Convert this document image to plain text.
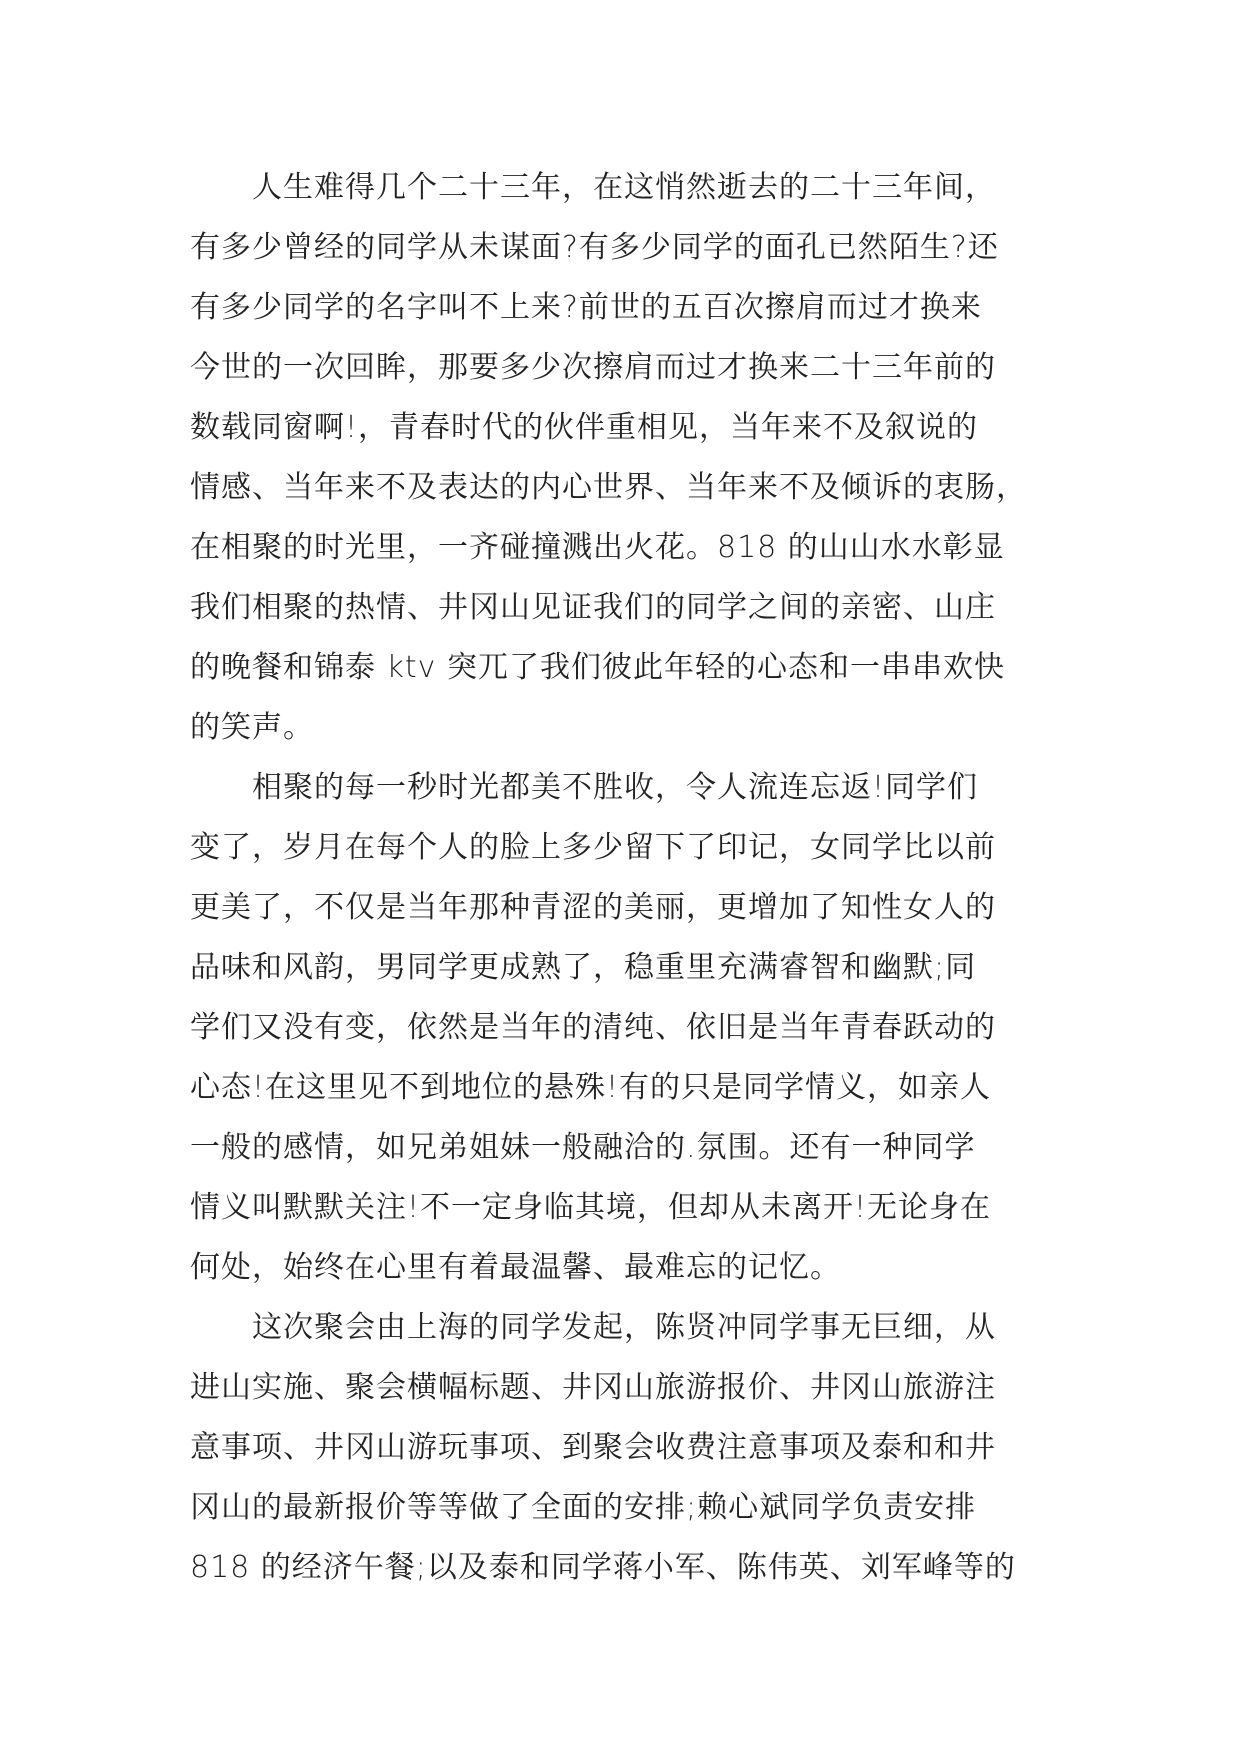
人生难得几个二十三年，在这悄然逝去的二十三年间，
有多少曾经的同学从未谋面?有多少同学的面孔已然陌生?还
有多少同学的名字叫不上来?前世的五百次擦肩而过才换来
今世的一次回眸，那要多少次擦肩而过才换来二十三年前的
数载同窗啊!，青春时代的伙伴重相见，当年来不及叙说的
情感、当年来不及表达的内心世界、当年来不及倾诉的衷肠，
在相聚的时光里，一齐碰撞溅出火花。818 的山山水水彰显
我们相聚的热情、井冈山见证我们的同学之间的亲密、山庄
的晚餐和锦泰 ktv 突兀了我们彼此年轻的心态和一串串欢快
的笑声。
相聚的每一秒时光都美不胜收，令人流连忘返!同学们
变了，岁月在每个人的脸上多少留下了印记，女同学比以前
更美了，不仅是当年那种青涩的美丽，更增加了知性女人的
品味和风韵，男同学更成熟了，稳重里充满睿智和幽默;同
学们又没有变，依然是当年的清纯、依旧是当年青春跃动的
心态!在这里见不到地位的悬殊!有的只是同学情义，如亲人
一般的感情，如兄弟姐妹一般融洽的.氛围。还有一种同学
情义叫默默关注!不一定身临其境，但却从未离开!无论身在
何处，始终在心里有着最温馨、最难忘的记忆。
这次聚会由上海的同学发起，陈贤冲同学事无巨细，从
进山实施、聚会横幅标题、井冈山旅游报价、井冈山旅游注
意事项、井冈山游玩事项、到聚会收费注意事项及泰和和井
冈山的最新报价等等做了全面的安排;赖心斌同学负责安排
818 的经济午餐;以及泰和同学蒋小军、陈伟英、刘军峰等的
